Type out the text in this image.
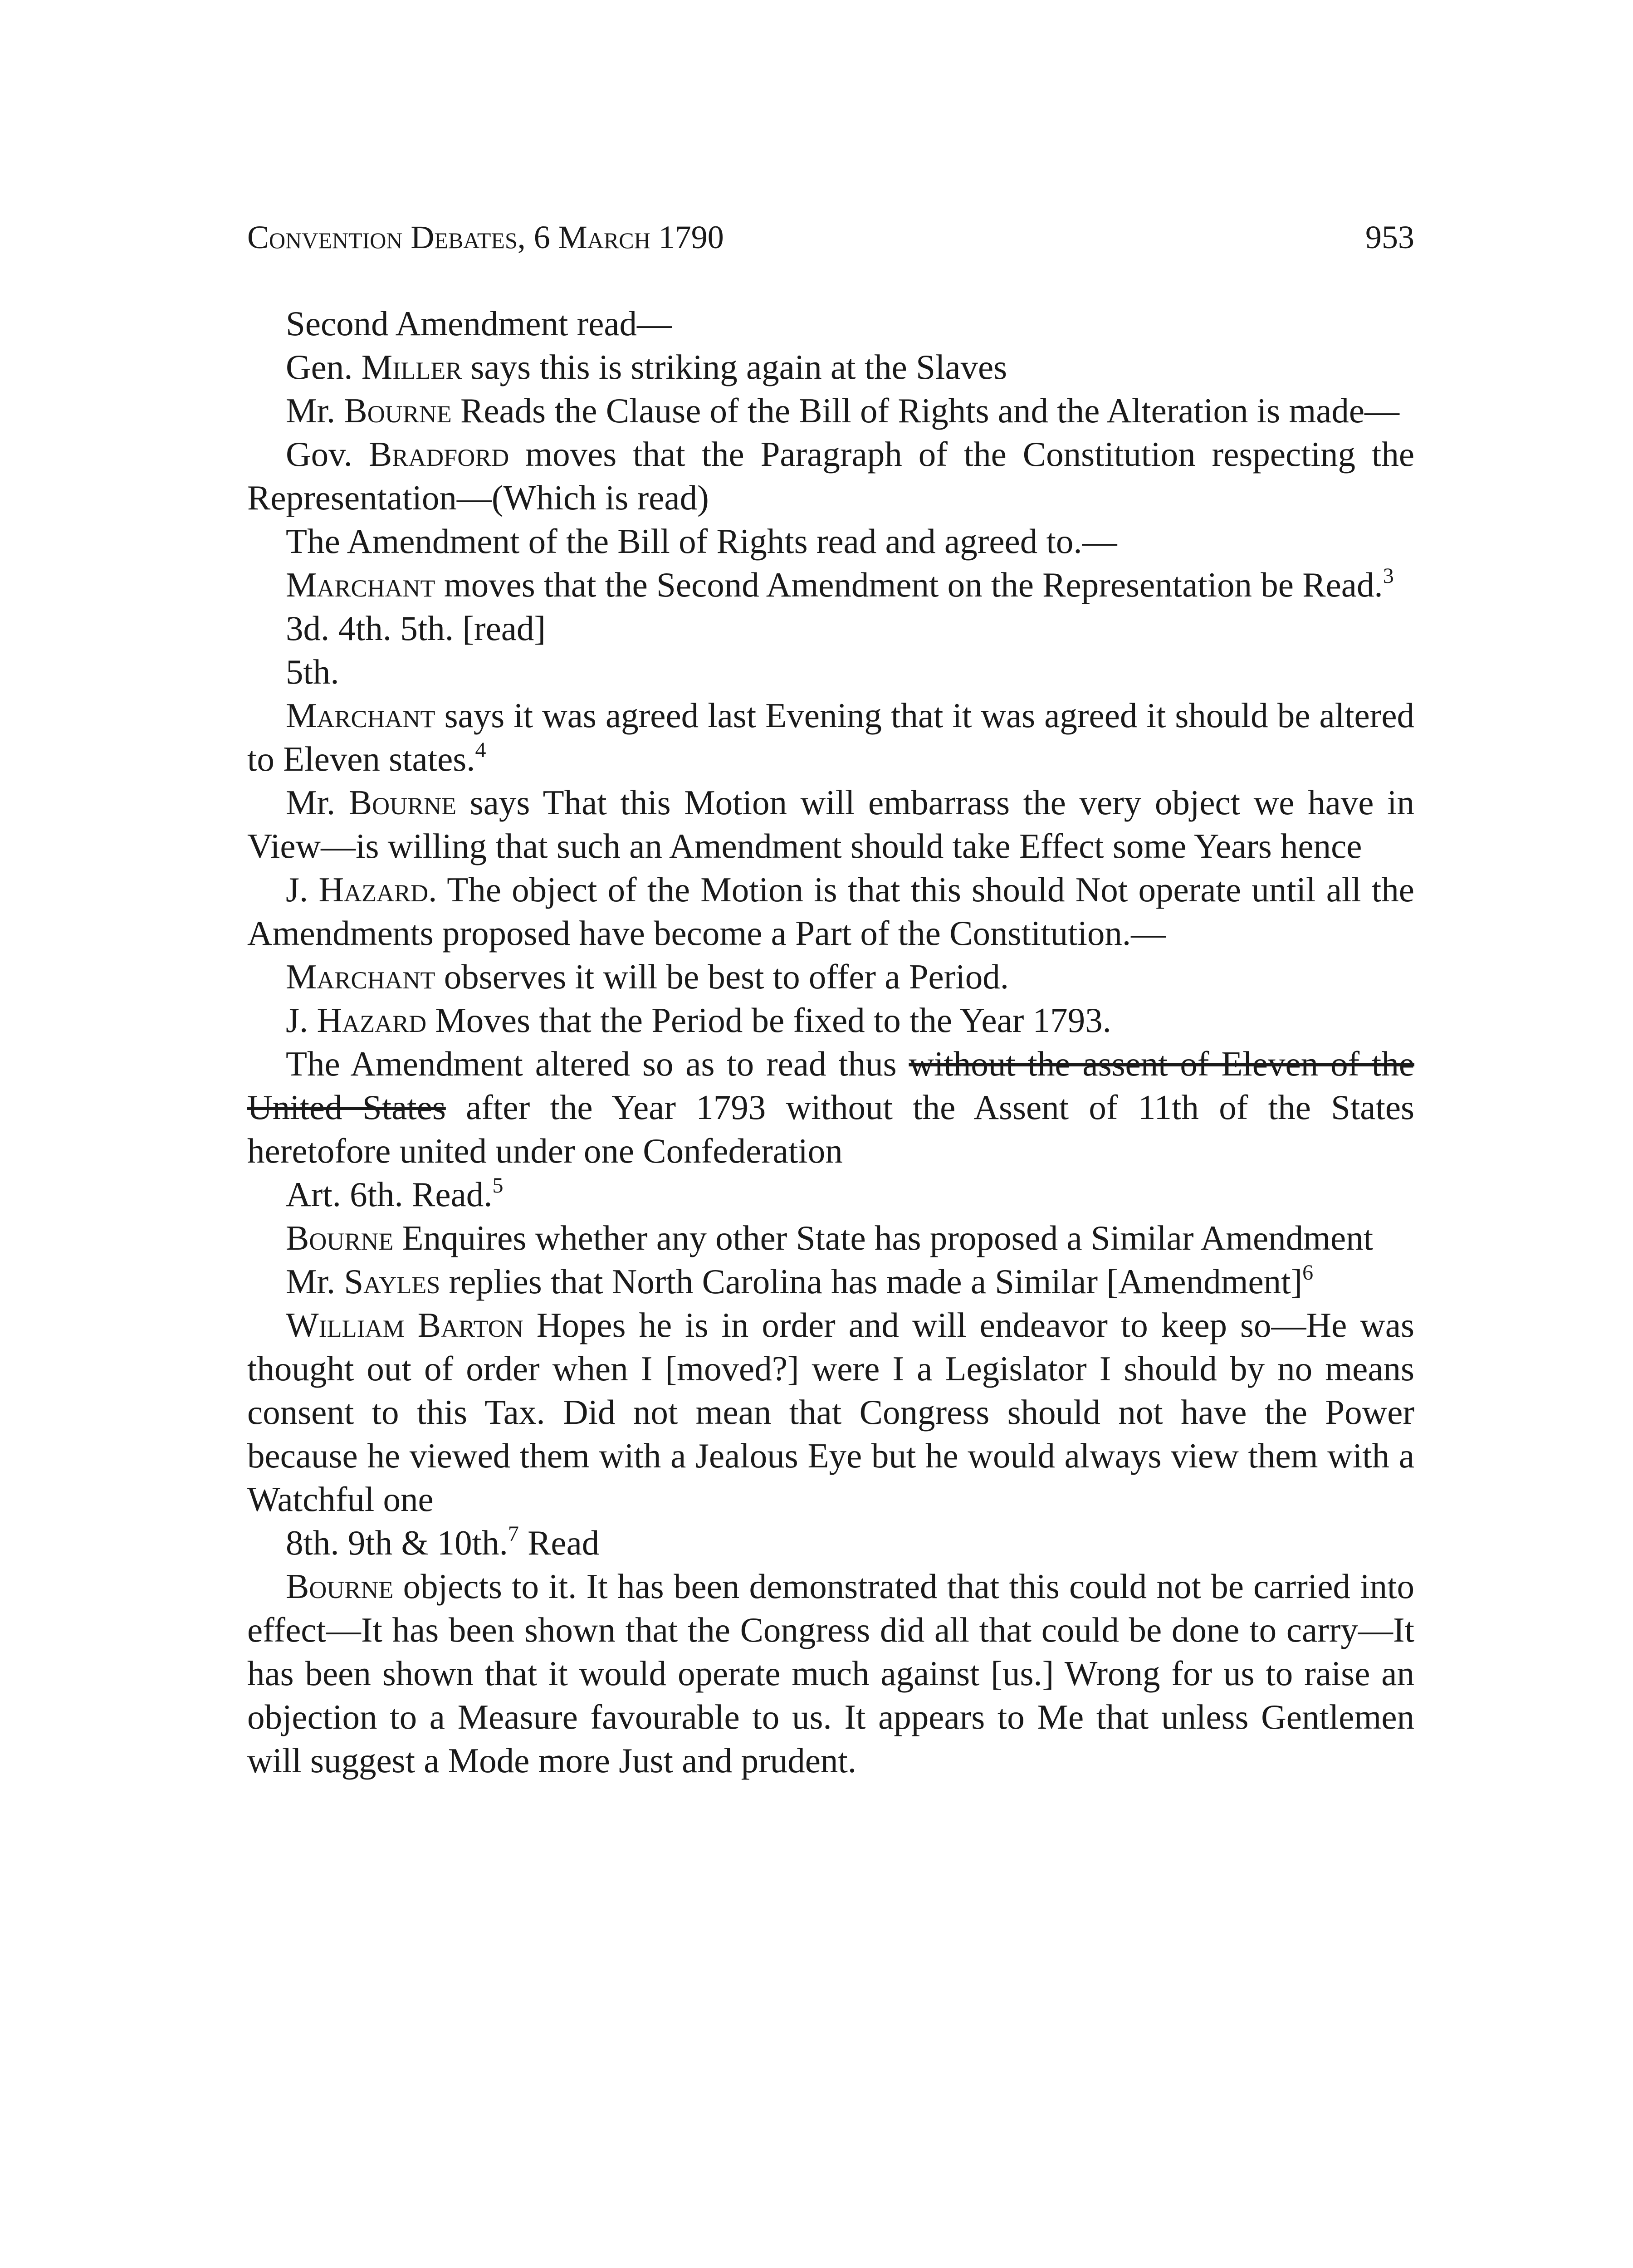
Convention Debates, 6 March 1790	953

Second Amendment read—

Gen. Miller says this is striking again at the Slaves

Mr. Bourne Reads the Clause of the Bill of Rights and the Alteration is made—

Gov. Bradford moves that the Paragraph of the Constitution respecting the Representation—(Which is read)

The Amendment of the Bill of Rights read and agreed to.—

Marchant moves that the Second Amendment on the Representation be Read.$^3$

3d. 4th. 5th. [read]

5th.

Marchant says it was agreed last Evening that it was agreed it should be altered to Eleven states.$^4$

Mr. Bourne says That this Motion will embarrass the very object we have in View—is willing that such an Amendment should take Effect some Years hence

J. Hazard. The object of the Motion is that this should Not operate until all the Amendments proposed have become a Part of the Constitution.—

Marchant observes it will be best to offer a Period.

J. Hazard Moves that the Period be fixed to the Year 1793.

The Amendment altered so as to read thus without the assent of Eleven of the United States after the Year 1793 without the Assent of 11th of the States heretofore united under one Confederation

Art. 6th. Read.$^5$

Bourne Enquires whether any other State has proposed a Similar Amendment

Mr. Sayles replies that North Carolina has made a Similar [Amendment]$^6$

William Barton Hopes he is in order and will endeavor to keep so—He was thought out of order when I [moved?] were I a Legislator I should by no means consent to this Tax. Did not mean that Congress should not have the Power because he viewed them with a Jealous Eye but he would always view them with a Watchful one

8th. 9th & 10th.$^7$ Read

Bourne objects to it. It has been demonstrated that this could not be carried into effect—It has been shown that the Congress did all that could be done to carry—It has been shown that it would operate much against [us.] Wrong for us to raise an objection to a Measure favourable to us. It appears to Me that unless Gentlemen will suggest a Mode more Just and prudent.
